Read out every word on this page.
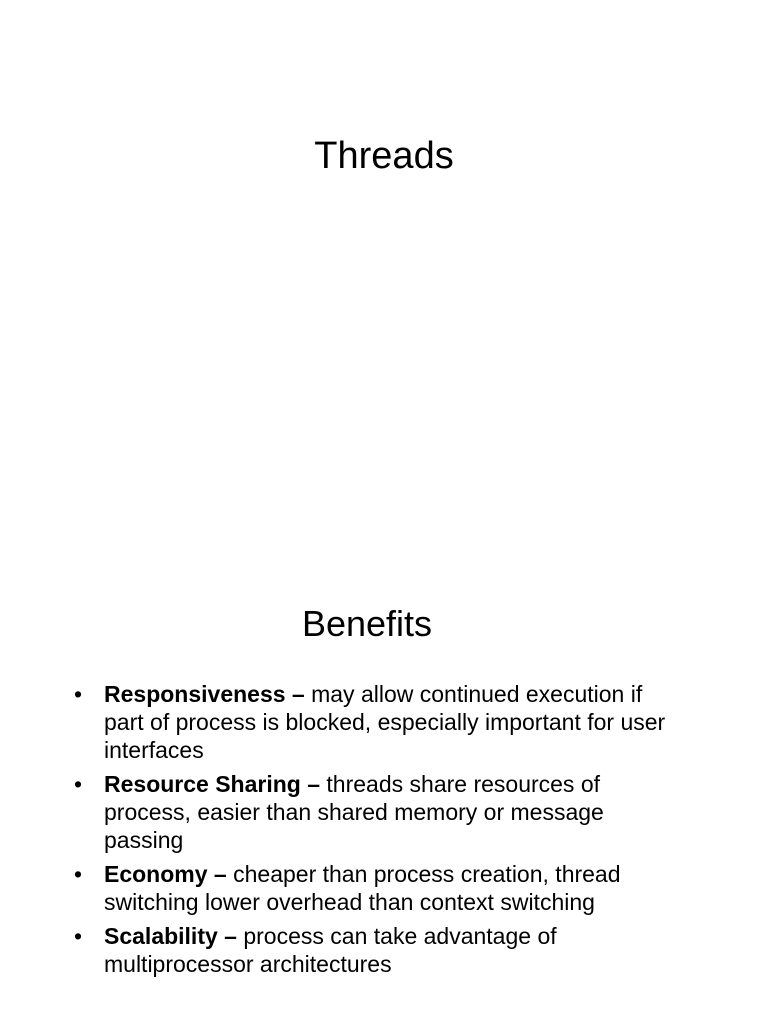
Threads
Benefits
• Responsiveness – may allow continued execution if part of process is blocked, especially important for user interfaces
• Resource Sharing – threads share resources of process, easier than shared memory or message passing
• Economy – cheaper than process creation, thread switching lower overhead than context switching
• Scalability – process can take advantage of multiprocessor architectures
